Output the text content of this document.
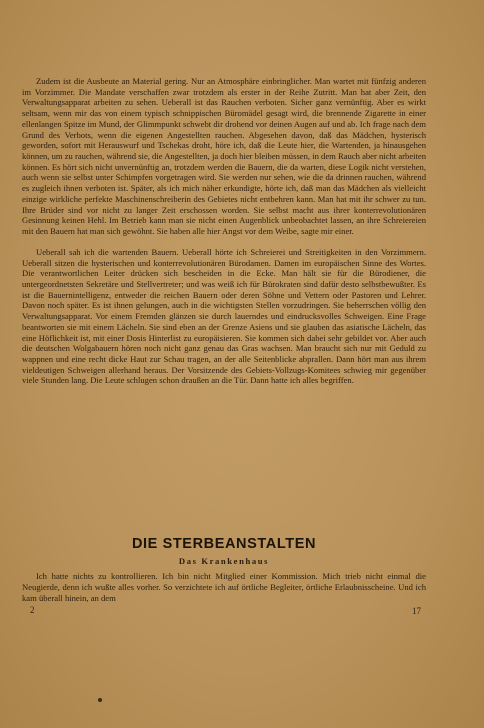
Zudem ist die Ausbeute an Material gering. Nur an Atmosphäre einbringlicher. Man wartet mit fünfzig anderen im Vorzimmer. Die Mandate verschaffen zwar trotzdem als erster in der Reihe Zutritt. Man hat aber Zeit, den Verwaltungsapparat arbeiten zu sehen. Ueberall ist das Rauchen verboten. Sicher ganz vernünftig. Aber es wirkt seltsam, wenn mir das von einem typisch schnippischen Büromädel gesagt wird, die brennende Zigarette in einer ellenlangen Spitze im Mund, der Glimmpunkt schwebt dir drohend vor deinen Augen auf und ab. Ich frage nach dem Grund des Verbots, wenn die eigenen Angestellten rauchen. Abgesehen davon, daß das Mädchen, hysterisch geworden, sofort mit Herauswurf und Tschekas droht, höre ich, daß die Leute hier, die Wartenden, ja hinausgehen können, um zu rauchen, während sie, die Angestellten, ja doch hier bleiben müssen, in dem Rauch aber nicht arbeiten können. Es hört sich nicht unvernünftig an, trotzdem werden die Bauern, die da warten, diese Logik nicht verstehen, auch wenn sie selbst unter Schimpfen vorgetragen wird. Sie werden nur sehen, wie die da drinnen rauchen, während es zugleich ihnen verboten ist. Später, als ich mich näher erkundigte, hörte ich, daß man das Mädchen als vielleicht einzige wirkliche perfekte Maschinenschreiberin des Gebietes nicht entbehren kann. Man hat mit ihr schwer zu tun. Ihre Brüder sind vor nicht zu langer Zeit erschossen worden. Sie selbst macht aus ihrer konterrevolutionären Gesinnung keinen Hehl. Im Betrieb kann man sie nicht einen Augenblick unbeobachtet lassen, an ihre Schreiereien mit den Bauern hat man sich gewöhnt. Sie haben alle hier Angst vor dem Weibe, sagte mir einer.

Ueberall sah ich die wartenden Bauern. Ueberall hörte ich Schreierei und Streitigkeiten in den Vorzimmern. Ueberall sitzen die hysterischen und konterrevolutionären Bürodamen. Damen im europäischen Sinne des Wortes. Die verantwortlichen Leiter drücken sich bescheiden in die Ecke. Man hält sie für die Bürodiener, die untergeordnetsten Sekretäre und Stellvertreter; und was weiß ich für Bürokraten sind dafür desto selbstbewußter. Es ist die Bauernintelligenz, entweder die reichen Bauern oder deren Söhne und Vettern oder Pastoren und Lehrer. Davon noch später. Es ist ihnen gelungen, auch in die wichtigsten Stellen vorzudringen. Sie beherrschen völlig den Verwaltungsapparat. Vor einem Fremden glänzen sie durch lauerndes und eindrucksvolles Schweigen. Eine Frage beantworten sie mit einem Lächeln. Sie sind eben an der Grenze Asiens und sie glauben das asiatische Lächeln, das eine Höflichkeit ist, mit einer Dosis Hinterlist zu europäisieren. Sie kommen sich dabei sehr gebildet vor. Aber auch die deutschen Wolgabauern hören noch nicht ganz genau das Gras wachsen. Man braucht sich nur mit Geduld zu wappnen und eine recht dicke Haut zur Schau tragen, an der alle Seitenblicke abprallen. Dann hört man aus ihrem vieldeutigen Schweigen allerhand heraus. Der Vorsitzende des Gebiets-Vollzugs-Komitees schwieg mir gegenüber viele Stunden lang. Die Leute schlugen schon draußen an die Tür. Dann hatte ich alles begriffen.

DIE STERBEANSTALTEN
Das Krankenhaus

Ich hatte nichts zu kontrollieren. Ich bin nicht Mitglied einer Kommission. Mich trieb nicht einmal die Neugierde, denn ich wußte alles vorher. So verzichtete ich auf örtliche Begleiter, örtliche Erlaubnisscheine. Und ich kam überall hinein, an dem

2	17
